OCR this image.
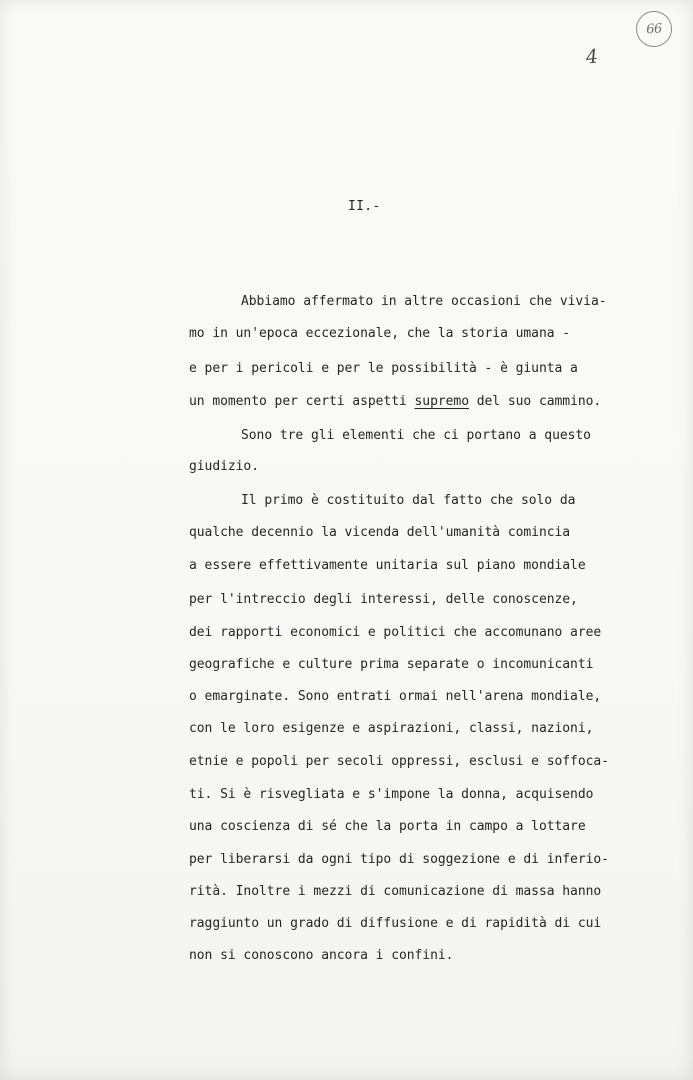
66
4
II.-
Abbiamo affermato in altre occasioni che vivia-
mo in un'epoca eccezionale, che la storia umana -
e per i pericoli e per le possibilità - è giunta a
un momento per certi aspetti supremo del suo cammino.
Sono tre gli elementi che ci portano a questo
giudizio.
Il primo è costituito dal fatto che solo da
qualche decennio la vicenda dell'umanità comincia
a essere effettivamente unitaria sul piano mondiale
per l'intreccio degli interessi, delle conoscenze,
dei rapporti economici e politici che accomunano aree
geografiche e culture prima separate o incomunicanti
o emarginate. Sono entrati ormai nell'arena mondiale,
con le loro esigenze e aspirazioni, classi, nazioni,
etnie e popoli per secoli oppressi, esclusi e soffoca-
ti. Si è risvegliata e s'impone la donna, acquisendo
una coscienza di sé che la porta in campo a lottare
per liberarsi da ogni tipo di soggezione e di inferio-
rità. Inoltre i mezzi di comunicazione di massa hanno
raggiunto un grado di diffusione e di rapidità di cui
non si conoscono ancora i confini.
